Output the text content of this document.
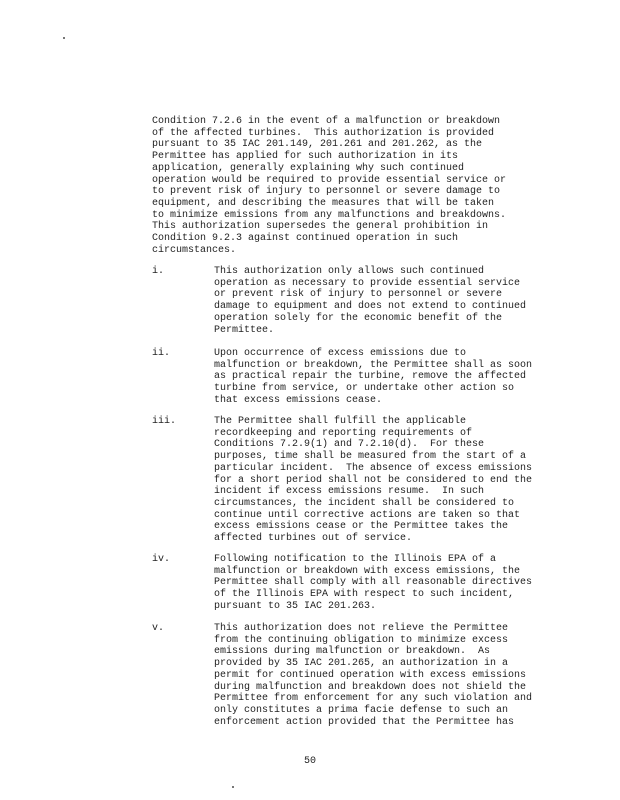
Condition 7.2.6 in the event of a malfunction or breakdown
of the affected turbines.  This authorization is provided
pursuant to 35 IAC 201.149, 201.261 and 201.262, as the
Permittee has applied for such authorization in its
application, generally explaining why such continued
operation would be required to provide essential service or
to prevent risk of injury to personnel or severe damage to
equipment, and describing the measures that will be taken
to minimize emissions from any malfunctions and breakdowns.
This authorization supersedes the general prohibition in
Condition 9.2.3 against continued operation in such
circumstances.
i.	This authorization only allows such continued
operation as necessary to provide essential service
or prevent risk of injury to personnel or severe
damage to equipment and does not extend to continued
operation solely for the economic benefit of the
Permittee.
ii.	Upon occurrence of excess emissions due to
malfunction or breakdown, the Permittee shall as soon
as practical repair the turbine, remove the affected
turbine from service, or undertake other action so
that excess emissions cease.
iii.	The Permittee shall fulfill the applicable
recordkeeping and reporting requirements of
Conditions 7.2.9(1) and 7.2.10(d).  For these
purposes, time shall be measured from the start of a
particular incident.  The absence of excess emissions
for a short period shall not be considered to end the
incident if excess emissions resume.  In such
circumstances, the incident shall be considered to
continue until corrective actions are taken so that
excess emissions cease or the Permittee takes the
affected turbines out of service.
iv.	Following notification to the Illinois EPA of a
malfunction or breakdown with excess emissions, the
Permittee shall comply with all reasonable directives
of the Illinois EPA with respect to such incident,
pursuant to 35 IAC 201.263.
v.	This authorization does not relieve the Permittee
from the continuing obligation to minimize excess
emissions during malfunction or breakdown.  As
provided by 35 IAC 201.265, an authorization in a
permit for continued operation with excess emissions
during malfunction and breakdown does not shield the
Permittee from enforcement for any such violation and
only constitutes a prima facie defense to such an
enforcement action provided that the Permittee has
50
